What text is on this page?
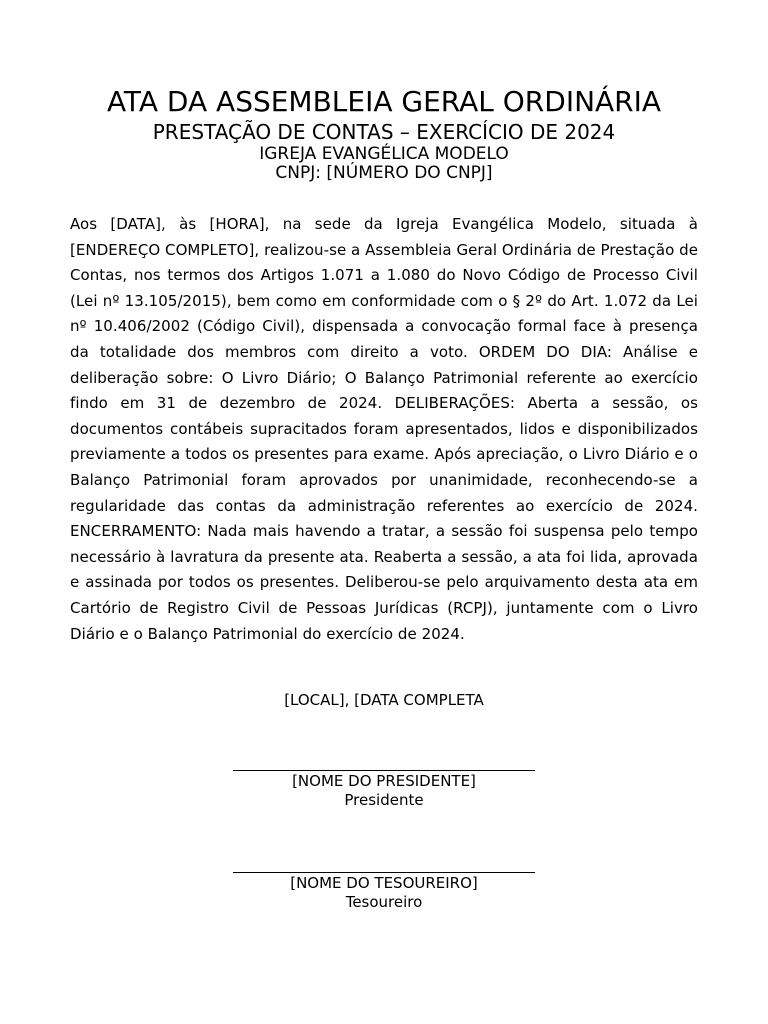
ATA DA ASSEMBLEIA GERAL ORDINÁRIA
PRESTAÇÃO DE CONTAS – EXERCÍCIO DE 2024
IGREJA EVANGÉLICA MODELO
CNPJ: [NÚMERO DO CNPJ]

Aos [DATA], às [HORA], na sede da Igreja Evangélica Modelo, situada à [ENDEREÇO COMPLETO], realizou-se a Assembleia Geral Ordinária de Prestação de Contas, nos termos dos Artigos 1.071 a 1.080 do Novo Código de Processo Civil (Lei nº 13.105/2015), bem como em conformidade com o § 2º do Art. 1.072 da Lei nº 10.406/2002 (Código Civil), dispensada a convocação formal face à presença da totalidade dos membros com direito a voto. ORDEM DO DIA: Análise e deliberação sobre: O Livro Diário; O Balanço Patrimonial referente ao exercício findo em 31 de dezembro de 2024. DELIBERAÇÕES: Aberta a sessão, os documentos contábeis supracitados foram apresentados, lidos e disponibilizados previamente a todos os presentes para exame. Após apreciação, o Livro Diário e o Balanço Patrimonial foram aprovados por unanimidade, reconhecendo-se a regularidade das contas da administração referentes ao exercício de 2024. ENCERRAMENTO: Nada mais havendo a tratar, a sessão foi suspensa pelo tempo necessário à lavratura da presente ata. Reaberta a sessão, a ata foi lida, aprovada e assinada por todos os presentes. Deliberou-se pelo arquivamento desta ata em Cartório de Registro Civil de Pessoas Jurídicas (RCPJ), juntamente com o Livro Diário e o Balanço Patrimonial do exercício de 2024.

[LOCAL], [DATA COMPLETA
[NOME DO PRESIDENTE]
Presidente
[NOME DO TESOUREIRO]
Tesoureiro
